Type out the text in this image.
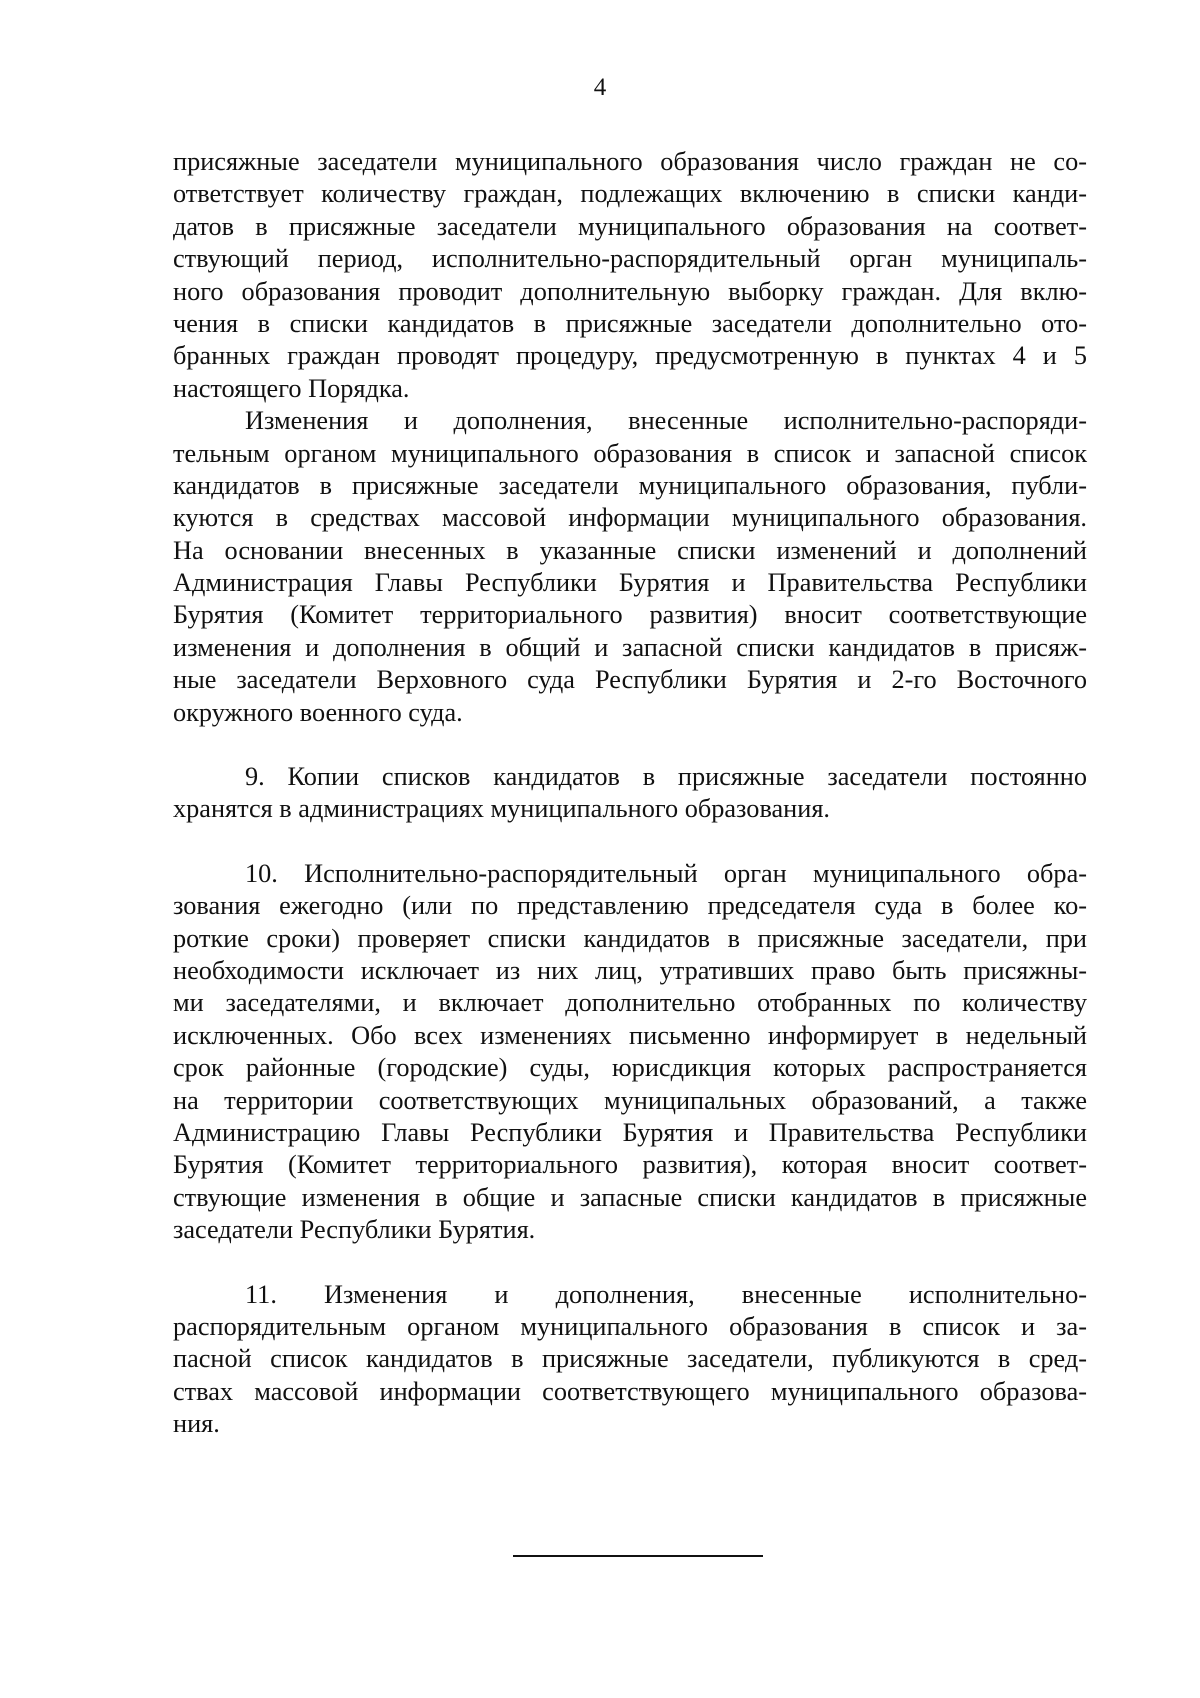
4
присяжные заседатели муниципального образования число граждан не со-
ответствует количеству граждан, подлежащих включению в списки канди-
датов в присяжные заседатели муниципального образования на соответ-
ствующий период, исполнительно-распорядительный орган муниципаль-
ного образования проводит дополнительную выборку граждан. Для вклю-
чения в списки кандидатов в присяжные заседатели дополнительно ото-
бранных граждан проводят процедуру, предусмотренную в пунктах 4 и 5
настоящего Порядка.
Изменения и дополнения, внесенные исполнительно-распоряди-
тельным органом муниципального образования в список и запасной список
кандидатов в присяжные заседатели муниципального образования, публи-
куются в средствах массовой информации муниципального образования.
На основании внесенных в указанные списки изменений и дополнений
Администрация Главы Республики Бурятия и Правительства Республики
Бурятия (Комитет территориального развития) вносит соответствующие
изменения и дополнения в общий и запасной списки кандидатов в присяж-
ные заседатели Верховного суда Республики Бурятия и 2-го Восточного
окружного военного суда.
9. Копии списков кандидатов в присяжные заседатели постоянно
хранятся в администрациях муниципального образования.
10. Исполнительно-распорядительный орган муниципального обра-
зования ежегодно (или по представлению председателя суда в более ко-
роткие сроки) проверяет списки кандидатов в присяжные заседатели, при
необходимости исключает из них лиц, утративших право быть присяжны-
ми заседателями, и включает дополнительно отобранных по количеству
исключенных. Обо всех изменениях письменно информирует в недельный
срок районные (городские) суды, юрисдикция которых распространяется
на территории соответствующих муниципальных образований, а также
Администрацию Главы Республики Бурятия и Правительства Республики
Бурятия (Комитет территориального развития), которая вносит соответ-
ствующие изменения в общие и запасные списки кандидатов в присяжные
заседатели Республики Бурятия.
11. Изменения и дополнения, внесенные исполнительно-
распорядительным органом муниципального образования в список и за-
пасной список кандидатов в присяжные заседатели, публикуются в сред-
ствах массовой информации соответствующего муниципального образова-
ния.
